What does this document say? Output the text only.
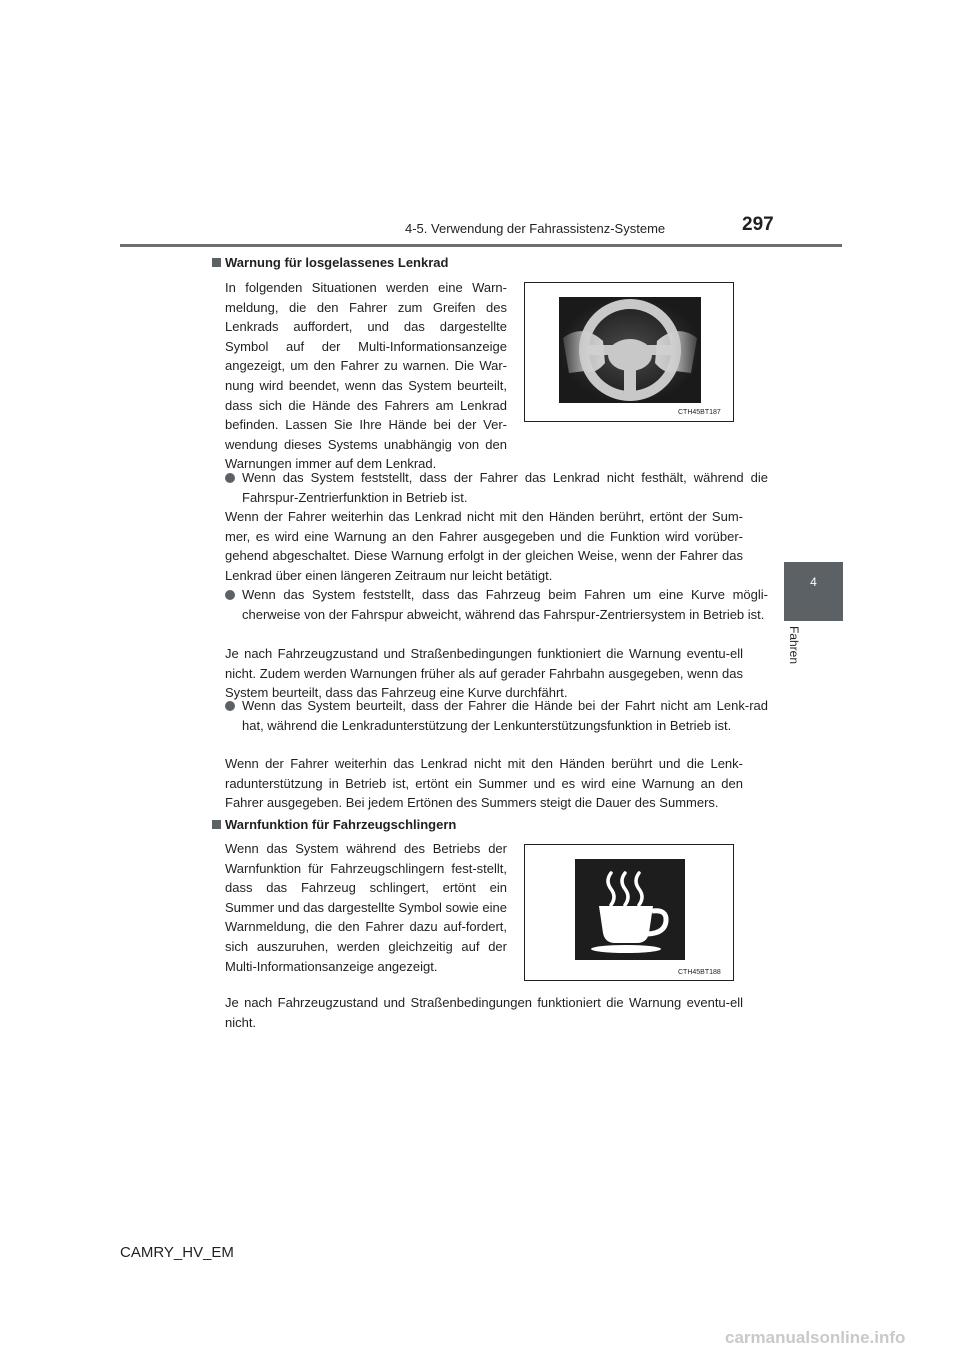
4-5. Verwendung der Fahrassistenz-Systeme	297
4
Fahren
Warnung für losgelassenes Lenkrad
In folgenden Situationen werden eine Warn-meldung, die den Fahrer zum Greifen des Lenkrads auffordert, und das dargestellte Symbol auf der Multi-Informationsanzeige angezeigt, um den Fahrer zu warnen. Die War-nung wird beendet, wenn das System beurteilt, dass sich die Hände des Fahrers am Lenkrad befinden. Lassen Sie Ihre Hände bei der Ver-wendung dieses Systems unabhängig von den Warnungen immer auf dem Lenkrad.
CTH45BT187
Wenn das System feststellt, dass der Fahrer das Lenkrad nicht festhält, während die Fahrspur-Zentrierfunktion in Betrieb ist.
Wenn der Fahrer weiterhin das Lenkrad nicht mit den Händen berührt, ertönt der Sum-mer, es wird eine Warnung an den Fahrer ausgegeben und die Funktion wird vorüber-gehend abgeschaltet. Diese Warnung erfolgt in der gleichen Weise, wenn der Fahrer das Lenkrad über einen längeren Zeitraum nur leicht betätigt.
Wenn das System feststellt, dass das Fahrzeug beim Fahren um eine Kurve mögli-cherweise von der Fahrspur abweicht, während das Fahrspur-Zentriersystem in Betrieb ist.
Je nach Fahrzeugzustand und Straßenbedingungen funktioniert die Warnung eventu-ell nicht. Zudem werden Warnungen früher als auf gerader Fahrbahn ausgegeben, wenn das System beurteilt, dass das Fahrzeug eine Kurve durchfährt.
Wenn das System beurteilt, dass der Fahrer die Hände bei der Fahrt nicht am Lenk-rad hat, während die Lenkradunterstützung der Lenkunterstützungsfunktion in Betrieb ist.
Wenn der Fahrer weiterhin das Lenkrad nicht mit den Händen berührt und die Lenk-radunterstützung in Betrieb ist, ertönt ein Summer und es wird eine Warnung an den Fahrer ausgegeben. Bei jedem Ertönen des Summers steigt die Dauer des Summers.
Warnfunktion für Fahrzeugschlingern
Wenn das System während des Betriebs der Warnfunktion für Fahrzeugschlingern fest-stellt, dass das Fahrzeug schlingert, ertönt ein Summer und das dargestellte Symbol sowie eine Warnmeldung, die den Fahrer dazu auf-fordert, sich auszuruhen, werden gleichzeitig auf der Multi-Informationsanzeige angezeigt.	CTH45BT188
Je nach Fahrzeugzustand und Straßenbedingungen funktioniert die Warnung eventu-ell nicht.
CAMRY_HV_EM
carmanualsonline.info
